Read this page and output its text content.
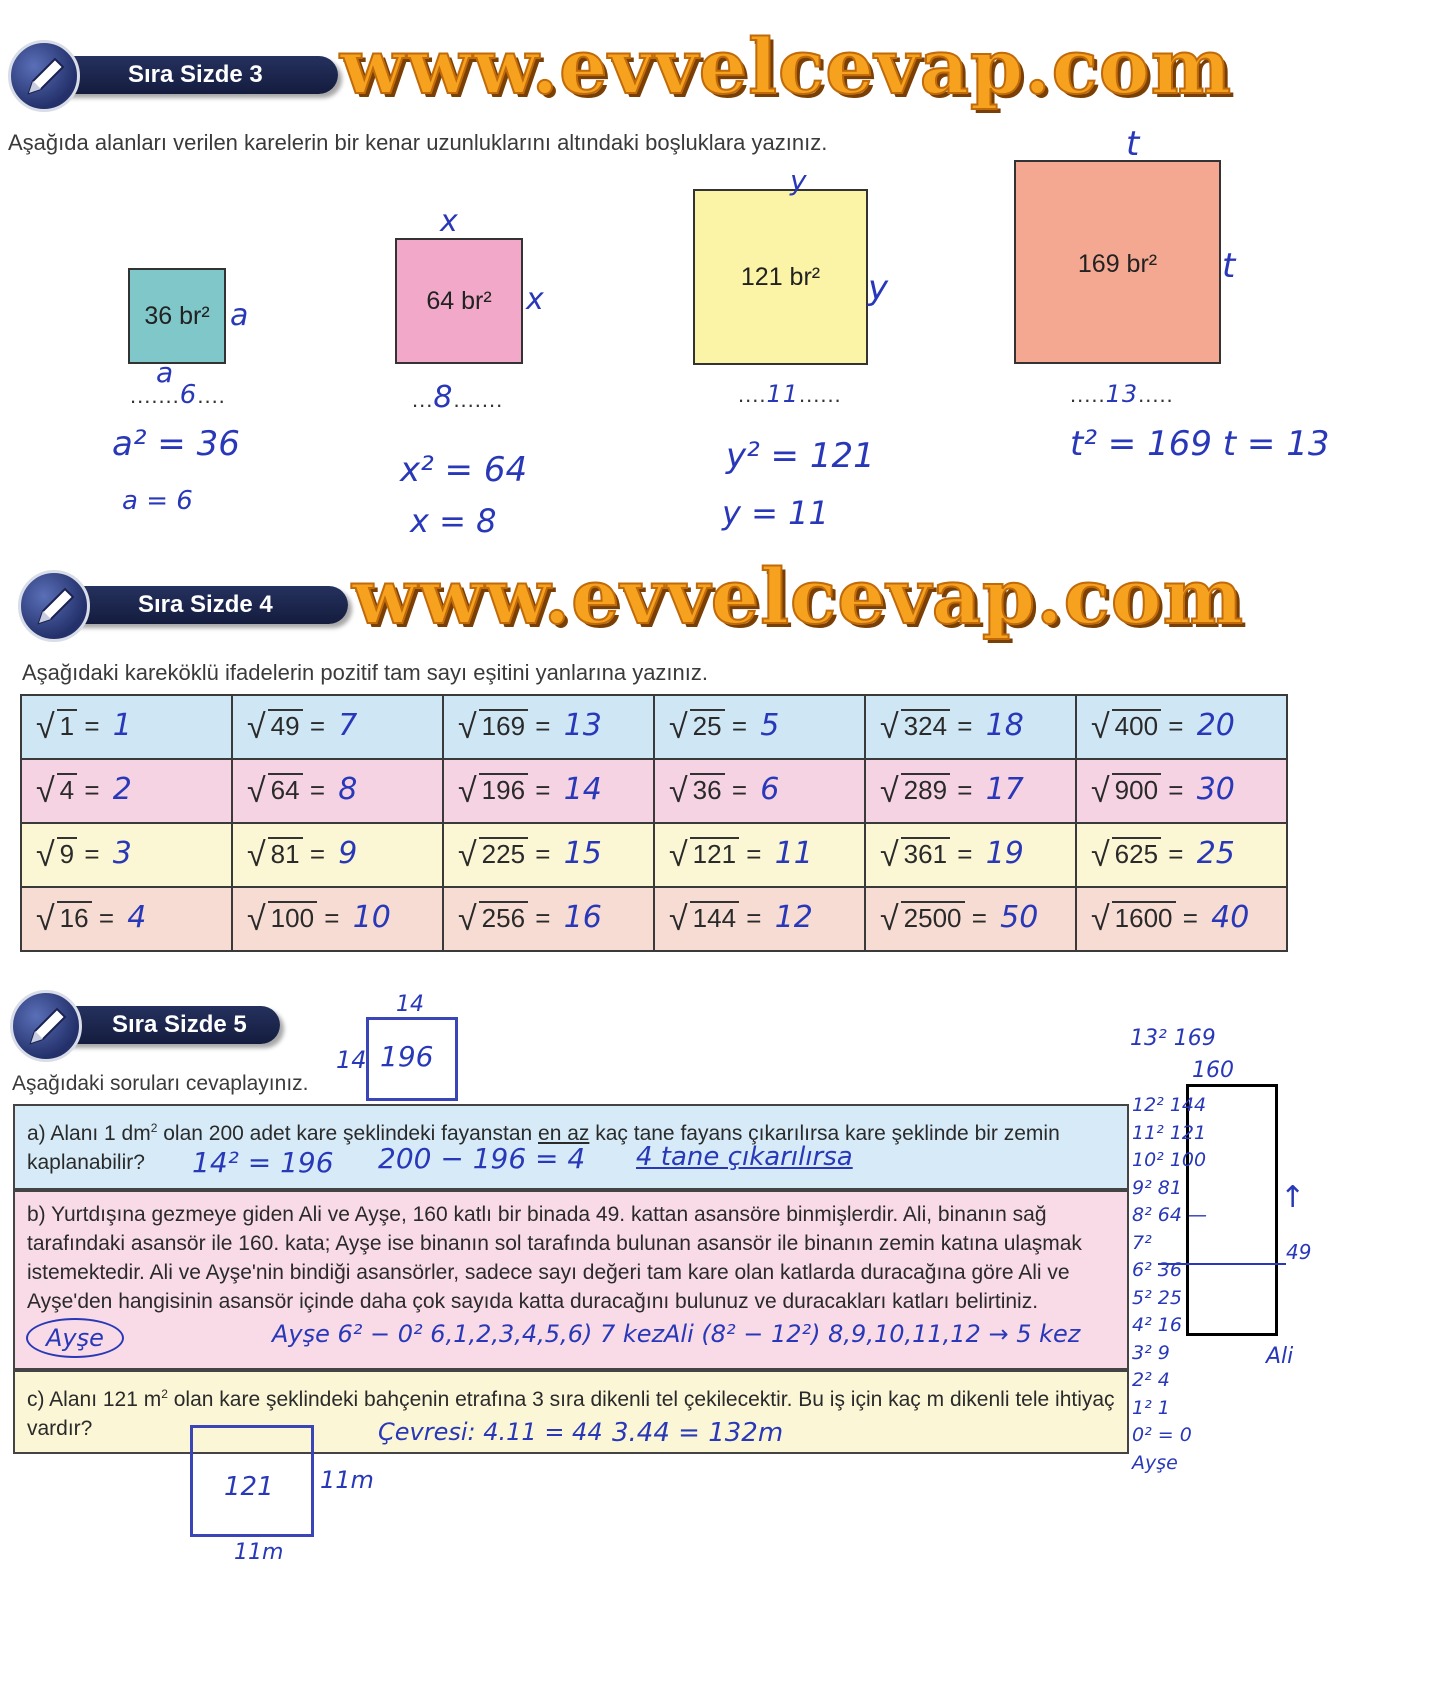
Sıra Sizde 3	www.evvelcevap.com
Aşağıda alanları verilen karelerin bir kenar uzunluklarını altındaki boşluklara yazınız.
36 br²
64 br²
121 br²	169 br²
.......6....	...8.......	....11......	.....13.....
a
a
x
x
y
y
t
t
a² = 36
a = 6
x² = 64
x = 8
y² = 121
y = 11
t² = 169 t = 13
Sıra Sizde 4	www.evvelcevap.com
Aşağıdaki kareköklü ifadelerin pozitif tam sayı eşitini yanlarına yazınız.
√ 1 = 1	√ 49 = 7	√ 169 = 13	√ 25 = 5	√ 324 = 18	√ 400 = 20
√ 4 = 2	√ 64 = 8	√ 196 = 14	√ 36 = 6	√ 289 = 17	√ 900 = 30
√ 9 = 3	√ 81 = 9	√ 225 = 15	√ 121 = 11	√ 361 = 19	√ 625 = 25
√ 16 = 4	√ 100 = 10	√ 256 = 16	√ 144 = 12	√ 2500 = 50	√ 1600 = 40
Sıra Sizde 5
Aşağıdaki soruları cevaplayınız.
196
14
14
a) Alanı 1 $dm^2$ olan 200 adet kare şeklindeki fayanstan en az kaç tane fayans çıkarılırsa kare şeklinde bir zemin kaplanabilir?	14² = 196 200 − 196 = 4 4 tane çıkarılırsa
b) Yurtdışına gezmeye giden Ali ve Ayşe, 160 katlı bir binada 49. kattan asansöre binmişlerdir. Ali, binanın sağ tarafındaki asansör ile 160. kata; Ayşe ise binanın sol tarafında bulunan asansör ile binanın zemin katına ulaşmak istemektedir. Ali ve Ayşe'nin bindiği asansörler, sadece sayı değeri tam kare olan katlarda duracağına göre Ali ve Ayşe'den hangisinin asansör içinde daha çok sayıda katta duracağını bulunuz ve duracakları katları belirtiniz.
Ayşe	Ayşe 6² − 0² 6,1,2,3,4,5,6) 7 kez Ali (8² − 12²) 8,9,10,11,12 → 5 kez
c) Alanı 121 $m^2$ olan kare şeklindeki bahçenin etrafına 3 sıra dikenli tel çekilecektir. Bu iş için kaç m dikenli tele ihtiyaç vardır?	Çevresi: 4.11 = 44 3.44 = 132m
121 11m
11m
13² 169
160
↑
49
Ali
12² 144
11² 121
10² 100
9² 81
8² 64 —
7²
6² 36
5² 25
4² 16
3² 9
2² 4
1² 1
0² = 0
Ayşe
